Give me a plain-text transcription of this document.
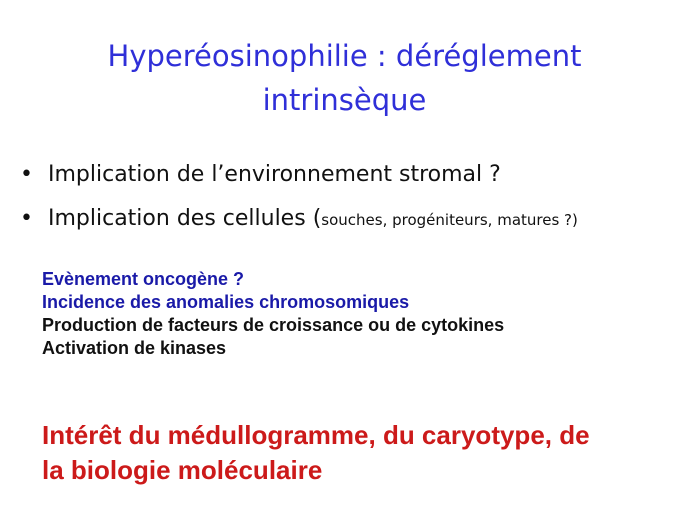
Hyperéosinophilie : déréglement
intrinsèque
• Implication de l’environnement stromal ?
• Implication des cellules (souches, progéniteurs, matures ?)
Evènement oncogène ?
Incidence des anomalies chromosomiques
Production de facteurs de croissance ou de cytokines
Activation de kinases
Intérêt du médullogramme, du caryotype, de
la biologie moléculaire
